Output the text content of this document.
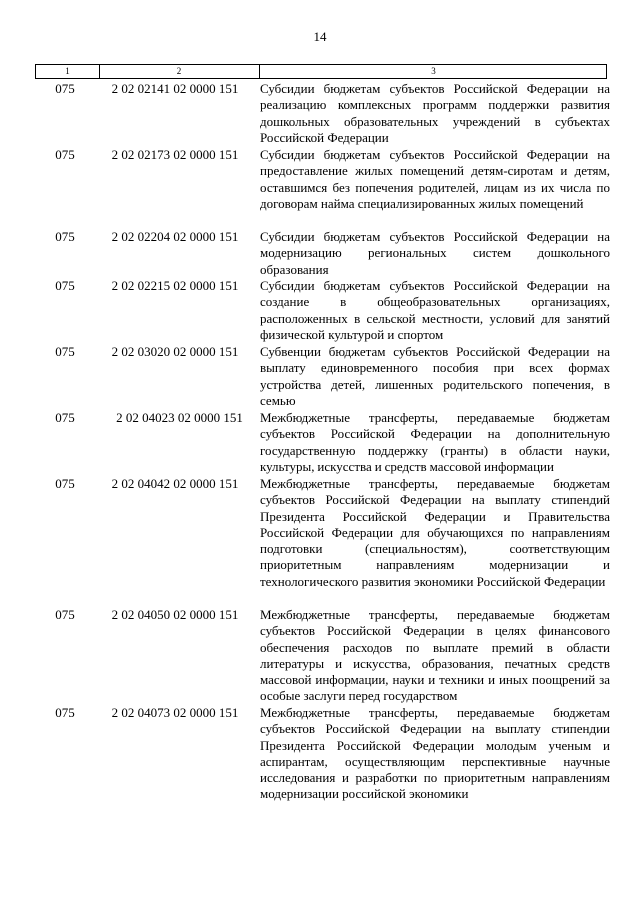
14
1	2	3
075	2 02 02141 02 0000 151	Субсидии бюджетам субъектов Российской Федерации на реализацию комплексных программ поддержки развития дошкольных образовательных учреждений в субъектах Российской Федерации
075	2 02 02173 02 0000 151	Субсидии бюджетам субъектов Российской Федерации на предоставление жилых помещений детям-сиротам и детям, оставшимся без попечения родителей, лицам из их числа по договорам найма специализированных жилых помещений
075	2 02 02204 02 0000 151	Субсидии бюджетам субъектов Российской Федерации на модернизацию региональных систем дошкольного образования
075	2 02 02215 02 0000 151	Субсидии бюджетам субъектов Российской Федерации на создание в общеобразовательных организациях, расположенных в сельской местности, условий для занятий физической культурой и спортом
075	2 02 03020 02 0000 151	Субвенции бюджетам субъектов Российской Федерации на выплату единовременного пособия при всех формах устройства детей, лишенных родительского попечения, в семью
075	2 02 04023 02 0000 151	Межбюджетные трансферты, передаваемые бюджетам субъектов Российской Федерации на дополнительную государственную поддержку (гранты) в области науки, культуры, искусства и средств массовой информации
075	2 02 04042 02 0000 151	Межбюджетные трансферты, передаваемые бюджетам субъектов Российской Федерации на выплату стипендий Президента Российской Федерации и Правительства Российской Федерации для обучающихся по направлениям подготовки (специальностям), соответствующим приоритетным направлениям модернизации и технологического развития экономики Российской Федерации
075	2 02 04050 02 0000 151	Межбюджетные трансферты, передаваемые бюджетам субъектов Российской Федерации в целях финансового обеспечения расходов по выплате премий в области литературы и искусства, образования, печатных средств массовой информации, науки и техники и иных поощрений за особые заслуги перед государством
075	2 02 04073 02 0000 151	Межбюджетные трансферты, передаваемые бюджетам субъектов Российской Федерации на выплату стипендии Президента Российской Федерации молодым ученым и аспирантам, осуществляющим перспективные научные исследования и разработки по приоритетным направлениям модернизации российской экономики
